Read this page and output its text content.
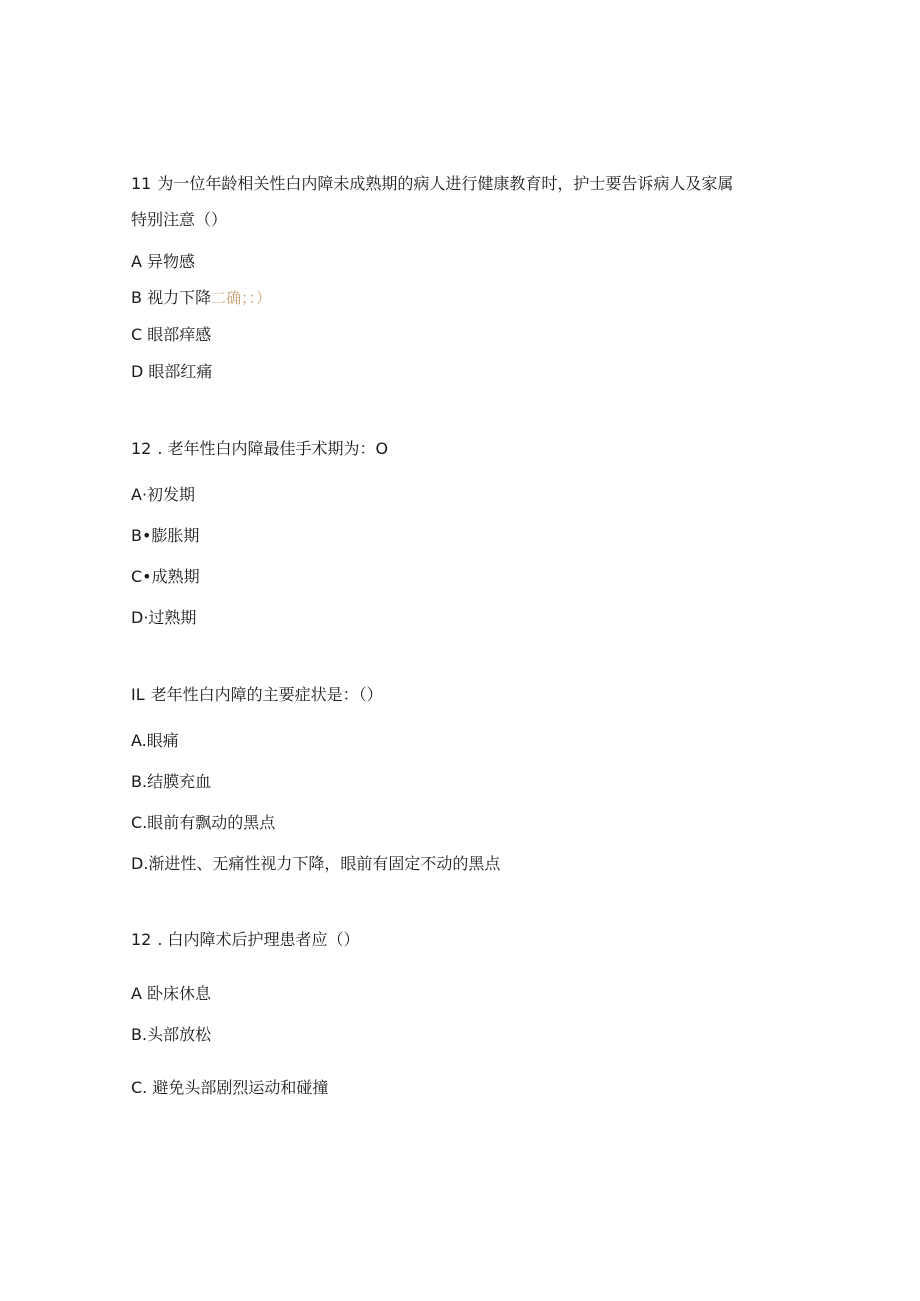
11 为一位年龄相关性白内障未成熟期的病人进行健康教育时，护士要告诉病人及家属
特别注意（）
A 异物感
B 视力下降二确；：）
C 眼部痒感
D 眼部红痛
12 . 老年性白内障最佳手术期为：O
A·初发期
B•膨胀期
C•成熟期
D·过熟期
IL 老年性白内障的主要症状是：（）
A.眼痛
B.结膜充血
C.眼前有飘动的黑点
D.渐进性、无痛性视力下降，眼前有固定不动的黑点
12 . 白内障术后护理患者应（）
A 卧床休息
B.头部放松
C. 避免头部剧烈运动和碰撞
